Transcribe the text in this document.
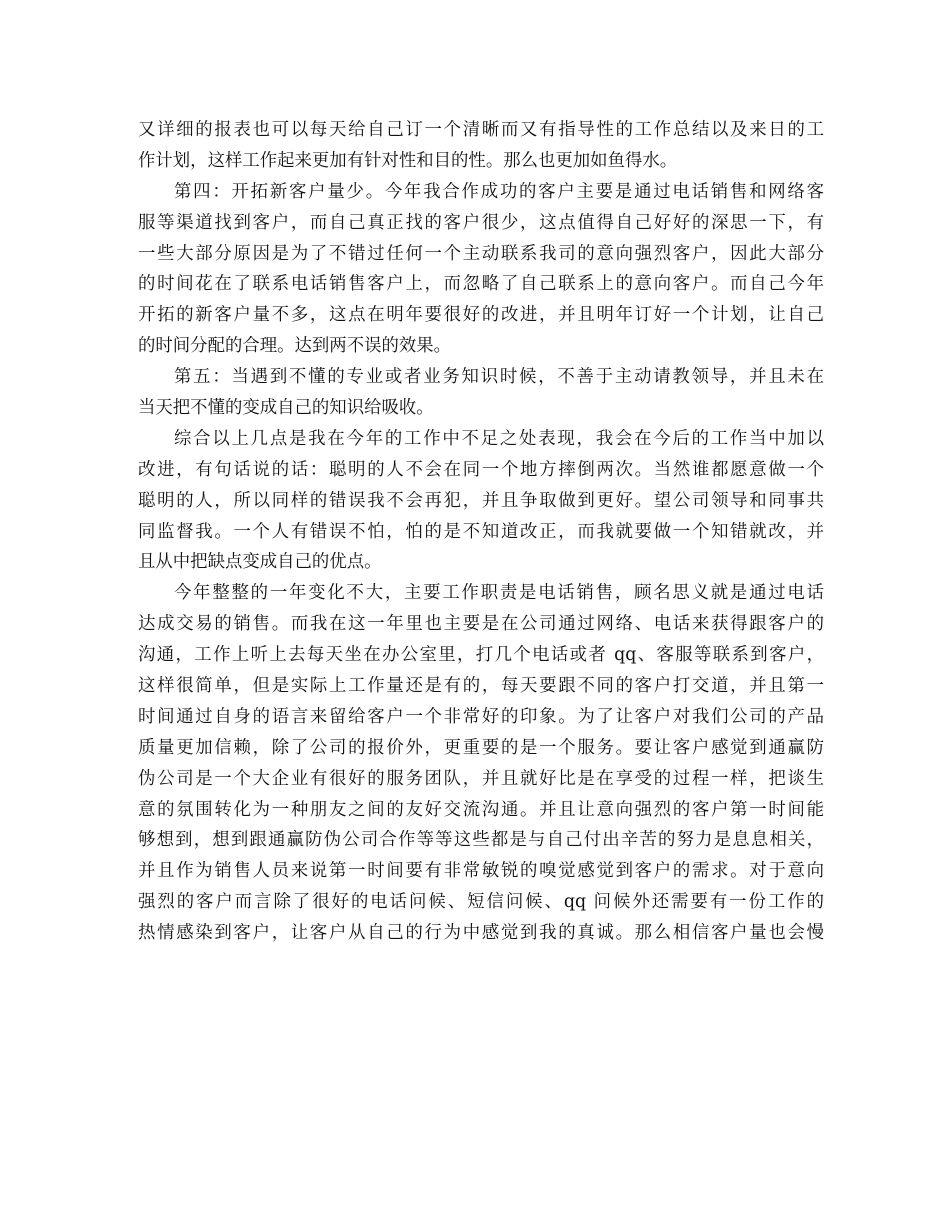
又详细的报表也可以每天给自己订一个清晰而又有指导性的工作总结以及来日的工
作计划，这样工作起来更加有针对性和目的性。那么也更加如鱼得水。
第四：开拓新客户量少。今年我合作成功的客户主要是通过电话销售和网络客
服等渠道找到客户，而自己真正找的客户很少，这点值得自己好好的深思一下，有
一些大部分原因是为了不错过任何一个主动联系我司的意向强烈客户，因此大部分
的时间花在了联系电话销售客户上，而忽略了自己联系上的意向客户。而自己今年
开拓的新客户量不多，这点在明年要很好的改进，并且明年订好一个计划，让自己
的时间分配的合理。达到两不误的效果。
第五：当遇到不懂的专业或者业务知识时候，不善于主动请教领导，并且未在
当天把不懂的变成自己的知识给吸收。
综合以上几点是我在今年的工作中不足之处表现，我会在今后的工作当中加以
改进，有句话说的话：聪明的人不会在同一个地方摔倒两次。当然谁都愿意做一个
聪明的人，所以同样的错误我不会再犯，并且争取做到更好。望公司领导和同事共
同监督我。一个人有错误不怕，怕的是不知道改正，而我就要做一个知错就改，并
且从中把缺点变成自己的优点。
今年整整的一年变化不大，主要工作职责是电话销售，顾名思义就是通过电话
达成交易的销售。而我在这一年里也主要是在公司通过网络、电话来获得跟客户的
沟通，工作上听上去每天坐在办公室里，打几个电话或者 qq、客服等联系到客户，
这样很简单，但是实际上工作量还是有的，每天要跟不同的客户打交道，并且第一
时间通过自身的语言来留给客户一个非常好的印象。为了让客户对我们公司的产品
质量更加信赖，除了公司的报价外，更重要的是一个服务。要让客户感觉到通赢防
伪公司是一个大企业有很好的服务团队，并且就好比是在享受的过程一样，把谈生
意的氛围转化为一种朋友之间的友好交流沟通。并且让意向强烈的客户第一时间能
够想到，想到跟通赢防伪公司合作等等这些都是与自己付出辛苦的努力是息息相关，
并且作为销售人员来说第一时间要有非常敏锐的嗅觉感觉到客户的需求。对于意向
强烈的客户而言除了很好的电话问候、短信问候、qq 问候外还需要有一份工作的
热情感染到客户，让客户从自己的行为中感觉到我的真诚。那么相信客户量也会慢
